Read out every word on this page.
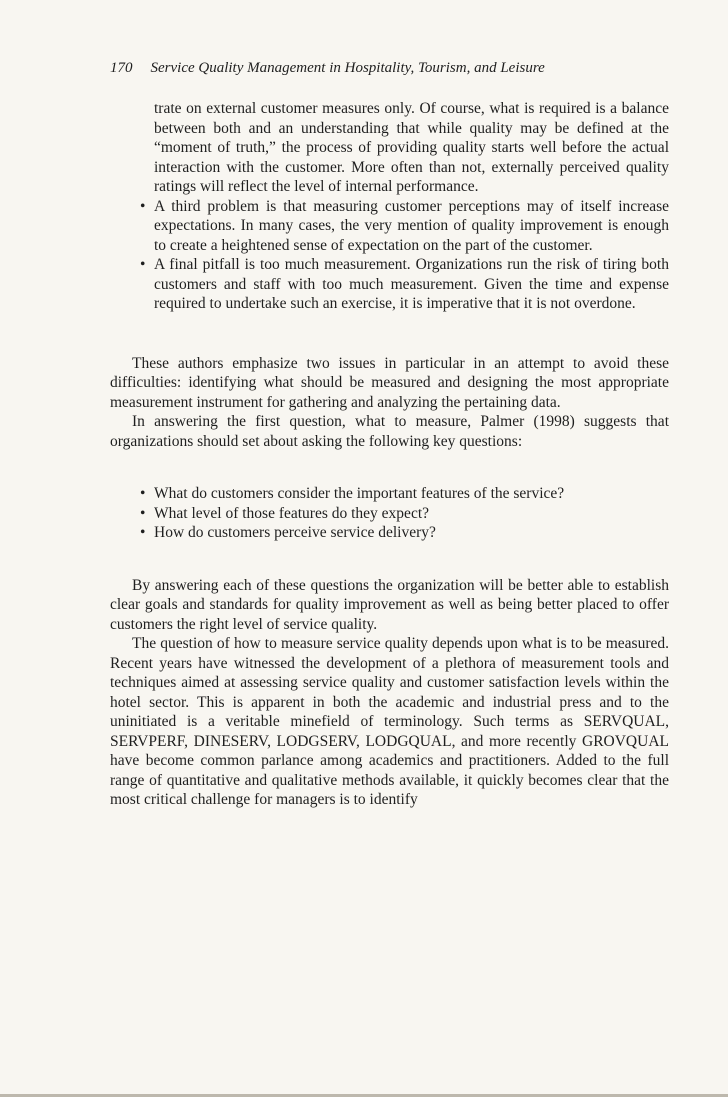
170 Service Quality Management in Hospitality, Tourism, and Leisure

trate on external customer measures only. Of course, what is required is a balance between both and an understanding that while quality may be defined at the “moment of truth,” the process of providing quality starts well before the actual interaction with the customer. More often than not, externally perceived quality ratings will reflect the level of internal performance.

• A third problem is that measuring customer perceptions may of itself increase expectations. In many cases, the very mention of quality improvement is enough to create a heightened sense of expectation on the part of the customer.
• A final pitfall is too much measurement. Organizations run the risk of tiring both customers and staff with too much measurement. Given the time and expense required to undertake such an exercise, it is imperative that it is not overdone.

These authors emphasize two issues in particular in an attempt to avoid these difficulties: identifying what should be measured and designing the most appropriate measurement instrument for gathering and analyzing the pertaining data.

In answering the first question, what to measure, Palmer (1998) suggests that organizations should set about asking the following key questions:

• What do customers consider the important features of the service?
• What level of those features do they expect?
• How do customers perceive service delivery?

By answering each of these questions the organization will be better able to establish clear goals and standards for quality improvement as well as being better placed to offer customers the right level of service quality.

The question of how to measure service quality depends upon what is to be measured. Recent years have witnessed the development of a plethora of measurement tools and techniques aimed at assessing service quality and customer satisfaction levels within the hotel sector. This is apparent in both the academic and industrial press and to the uninitiated is a veritable minefield of terminology. Such terms as SERVQUAL, SERVPERF, DINESERV, LODGSERV, LODGQUAL, and more recently GROVQUAL have become common parlance among academics and practitioners. Added to the full range of quantitative and qualitative methods available, it quickly becomes clear that the most critical challenge for managers is to identify
